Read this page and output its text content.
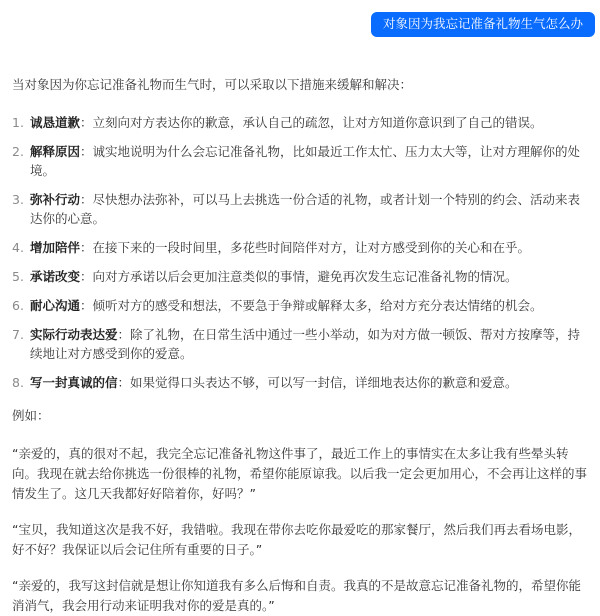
对象因为我忘记准备礼物生气怎么办

当对象因为你忘记准备礼物而生气时，可以采取以下措施来缓解和解决：

1. 诚恳道歉：立刻向对方表达你的歉意，承认自己的疏忽，让对方知道你意识到了自己的错误。
2. 解释原因：诚实地说明为什么会忘记准备礼物，比如最近工作太忙、压力太大等，让对方理解你的处境。
3. 弥补行动：尽快想办法弥补，可以马上去挑选一份合适的礼物，或者计划一个特别的约会、活动来表达你的心意。
4. 增加陪伴：在接下来的一段时间里，多花些时间陪伴对方，让对方感受到你的关心和在乎。
5. 承诺改变：向对方承诺以后会更加注意类似的事情，避免再次发生忘记准备礼物的情况。
6. 耐心沟通：倾听对方的感受和想法，不要急于争辩或解释太多，给对方充分表达情绪的机会。
7. 实际行动表达爱：除了礼物，在日常生活中通过一些小举动，如为对方做一顿饭、帮对方按摩等，持续地让对方感受到你的爱意。
8. 写一封真诚的信：如果觉得口头表达不够，可以写一封信，详细地表达你的歉意和爱意。

例如：

“亲爱的，真的很对不起，我完全忘记准备礼物这件事了，最近工作上的事情实在太多让我有些晕头转向。我现在就去给你挑选一份很棒的礼物，希望你能原谅我。以后我一定会更加用心，不会再让这样的事情发生了。这几天我都好好陪着你，好吗？”

“宝贝，我知道这次是我不好，我错啦。我现在带你去吃你最爱吃的那家餐厅，然后我们再去看场电影，好不好？我保证以后会记住所有重要的日子。”

“亲爱的，我写这封信就是想让你知道我有多么后悔和自责。我真的不是故意忘记准备礼物的，希望你能消消气，我会用行动来证明我对你的爱是真的。”
